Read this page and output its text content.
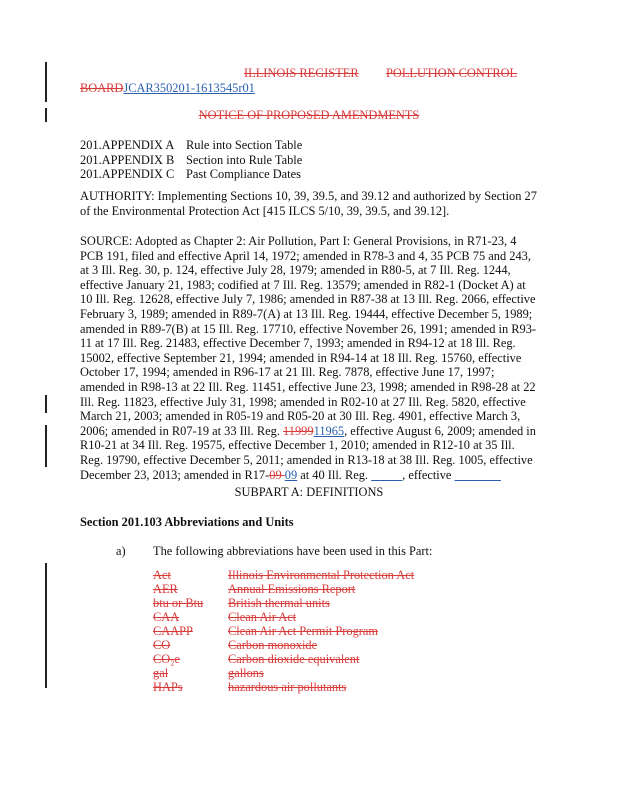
ILLINOIS REGISTER POLLUTION CONTROL
BOARDJCAR350201-1613545r01
NOTICE OF PROPOSED AMENDMENTS
201.APPENDIX A Rule into Section Table
201.APPENDIX B Section into Rule Table
201.APPENDIX C Past Compliance Dates
AUTHORITY: Implementing Sections 10, 39, 39.5, and 39.12 and authorized by Section 27 of the Environmental Protection Act [415 ILCS 5/10, 39, 39.5, and 39.12].
SOURCE: Adopted as Chapter 2: Air Pollution, Part I: General Provisions, in R71-23, 4 PCB 191, filed and effective April 14, 1972; amended in R78-3 and 4, 35 PCB 75 and 243, at 3 Ill. Reg. 30, p. 124, effective July 28, 1979; amended in R80-5, at 7 Ill. Reg. 1244, effective January 21, 1983; codified at 7 Ill. Reg. 13579; amended in R82-1 (Docket A) at 10 Ill. Reg. 12628, effective July 7, 1986; amended in R87-38 at 13 Ill. Reg. 2066, effective February 3, 1989; amended in R89-7(A) at 13 Ill. Reg. 19444, effective December 5, 1989; amended in R89-7(B) at 15 Ill. Reg. 17710, effective November 26, 1991; amended in R93-11 at 17 Ill. Reg. 21483, effective December 7, 1993; amended in R94-12 at 18 Ill. Reg. 15002, effective September 21, 1994; amended in R94-14 at 18 Ill. Reg. 15760, effective October 17, 1994; amended in R96-17 at 21 Ill. Reg. 7878, effective June 17, 1997; amended in R98-13 at 22 Ill. Reg. 11451, effective June 23, 1998; amended in R98-28 at 22 Ill. Reg. 11823, effective July 31, 1998; amended in R02-10 at 27 Ill. Reg. 5820, effective March 21, 2003; amended in R05-19 and R05-20 at 30 Ill. Reg. 4901, effective March 3, 2006; amended in R07-19 at 33 Ill. Reg. 1199911965, effective August 6, 2009; amended in R10-21 at 34 Ill. Reg. 19575, effective December 1, 2010; amended in R12-10 at 35 Ill. Reg. 19790, effective December 5, 2011; amended in R13-18 at 38 Ill. Reg. 1005, effective December 23, 2013; amended in R17-09 09 at 40 Ill. Reg.           , effective
SUBPART A: DEFINITIONS
Section 201.103 Abbreviations and Units
a) The following abbreviations have been used in this Part:
Act	Illinois Environmental Protection Act
AER	Annual Emissions Report
btu or Btu British thermal units
CAA	Clean Air Act
CAAPP	Clean Air Act Permit Program
CO	Carbon monoxide
CO₂e	Carbon dioxide equivalent
gal	gallons
HAPs	hazardous air pollutants
